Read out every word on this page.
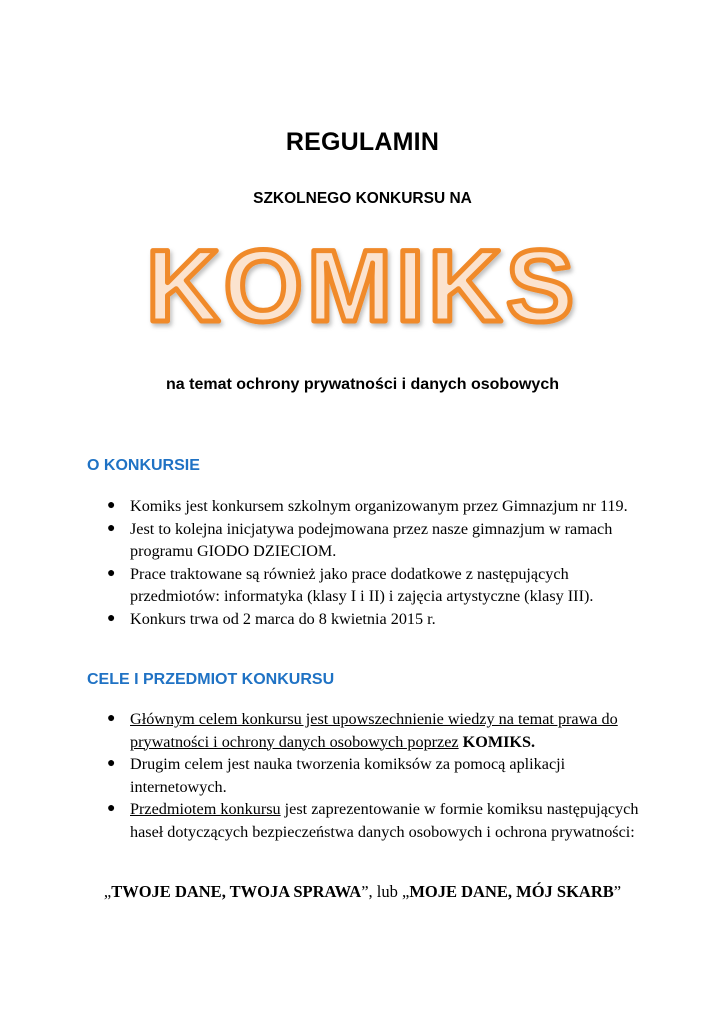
REGULAMIN
SZKOLNEGO KONKURSU NA
KOMIKS
na temat ochrony prywatności i danych osobowych
O KONKURSIE
● Komiks jest konkursem szkolnym organizowanym przez Gimnazjum nr 119.
● Jest to kolejna inicjatywa podejmowana przez nasze gimnazjum w ramach programu GIODO DZIECIOM.
● Prace traktowane są również jako prace dodatkowe z następujących przedmiotów: informatyka (klasy I i II) i zajęcia artystyczne (klasy III).
● Konkurs trwa od 2 marca do 8 kwietnia 2015 r.
CELE I PRZEDMIOT KONKURSU
● Głównym celem konkursu jest upowszechnienie wiedzy na temat prawa do prywatności i ochrony danych osobowych poprzez KOMIKS.
● Drugim celem jest nauka tworzenia komiksów za pomocą aplikacji internetowych.
● Przedmiotem konkursu jest zaprezentowanie w formie komiksu następujących haseł dotyczących bezpieczeństwa danych osobowych i ochrona prywatności:
„TWOJE DANE, TWOJA SPRAWA”, lub „MOJE DANE, MÓJ SKARB”
